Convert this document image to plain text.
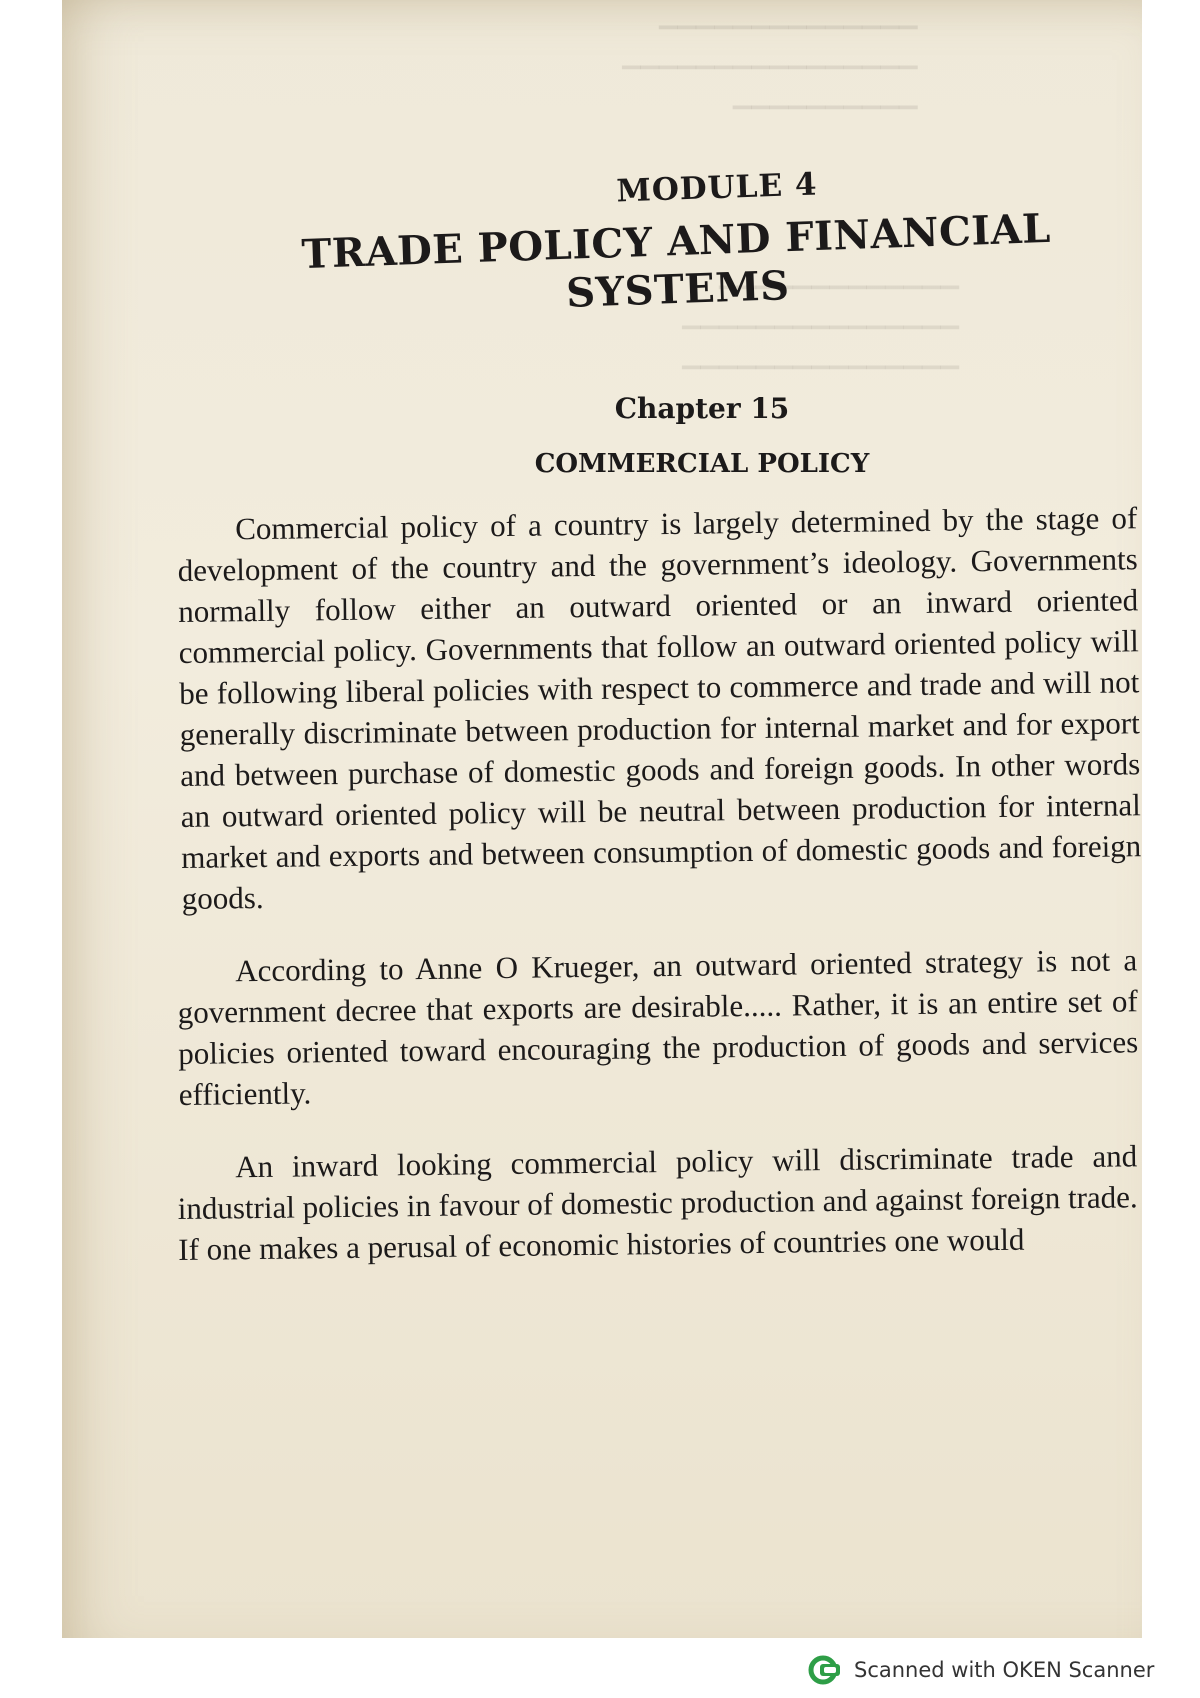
▔▔▔▔▔▔▔▔▔▔▔▔▔▔
▔▔▔▔▔▔▔▔▔▔▔▔▔▔▔▔
▔▔▔▔▔▔▔▔▔▔
▔▔▔▔▔▔▔▔▔▔▔▔▔
▔▔▔▔▔▔▔▔▔▔▔▔▔▔▔
▔▔▔▔▔▔▔▔▔▔▔▔▔▔▔
MODULE 4
TRADE POLICY AND FINANCIAL SYSTEMS
Chapter 15
COMMERCIAL POLICY

Commercial policy of a country is largely determined by the stage of development of the country and the government’s ideology. Governments normally follow either an outward oriented or an inward oriented commercial policy. Governments that follow an outward oriented policy will be following liberal policies with respect to commerce and trade and will not generally discriminate between production for internal market and for export and between purchase of domestic goods and foreign goods. In other words an outward oriented policy will be neutral between production for internal market and exports and between consumption of domestic goods and foreign goods.

According to Anne O Krueger, an outward oriented strategy is not a government decree that exports are desirable..... Rather, it is an entire set of policies oriented toward encouraging the production of goods and services efficiently.

An inward looking commercial policy will discriminate trade and industrial policies in favour of domestic production and against foreign trade. If one makes a perusal of economic histories of countries one would

Scanned with OKEN Scanner
